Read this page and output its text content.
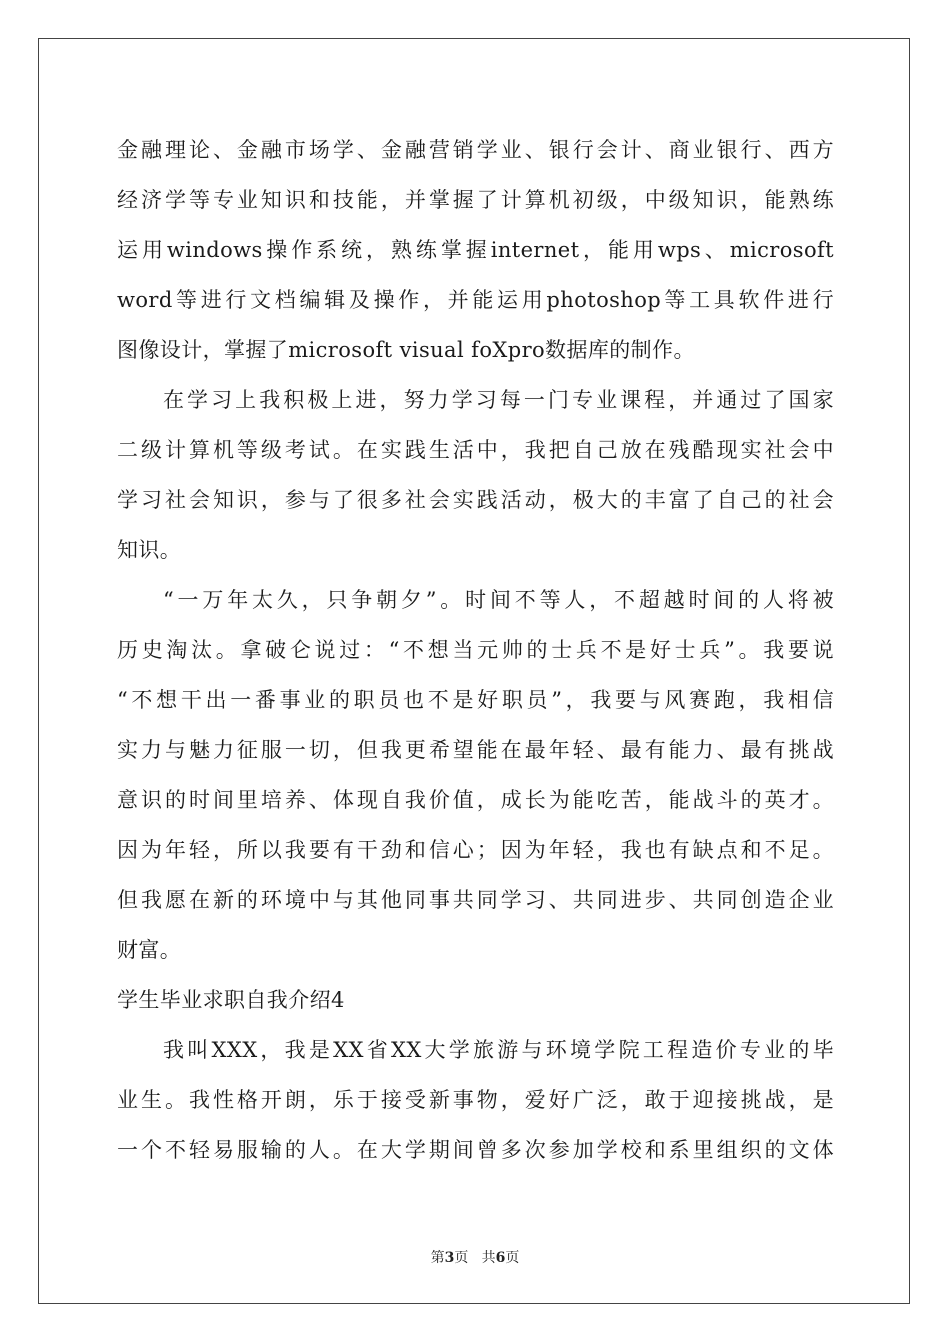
金融理论、金融市场学、金融营销学业、银行会计、商业银行、西方
经济学等专业知识和技能，并掌握了计算机初级，中级知识，能熟练
运用windows操作系统，熟练掌握internet，能用wps、microsoft
word等进行文档编辑及操作，并能运用photoshop等工具软件进行
图像设计，掌握了microsoft visual foXpro数据库的制作。
在学习上我积极上进，努力学习每一门专业课程，并通过了国家
二级计算机等级考试。在实践生活中，我把自己放在残酷现实社会中
学习社会知识，参与了很多社会实践活动，极大的丰富了自己的社会
知识。
“一万年太久，只争朝夕”。时间不等人，不超越时间的人将被
历史淘汰。拿破仑说过：“不想当元帅的士兵不是好士兵”。我要说
“不想干出一番事业的职员也不是好职员”，我要与风赛跑，我相信
实力与魅力征服一切，但我更希望能在最年轻、最有能力、最有挑战
意识的时间里培养、体现自我价值，成长为能吃苦，能战斗的英才。
因为年轻，所以我要有干劲和信心；因为年轻，我也有缺点和不足。
但我愿在新的环境中与其他同事共同学习、共同进步、共同创造企业
财富。
学生毕业求职自我介绍4
我叫XXX，我是XX省XX大学旅游与环境学院工程造价专业的毕
业生。我性格开朗，乐于接受新事物，爱好广泛，敢于迎接挑战，是
一个不轻易服输的人。在大学期间曾多次参加学校和系里组织的文体
第3页 共6页
